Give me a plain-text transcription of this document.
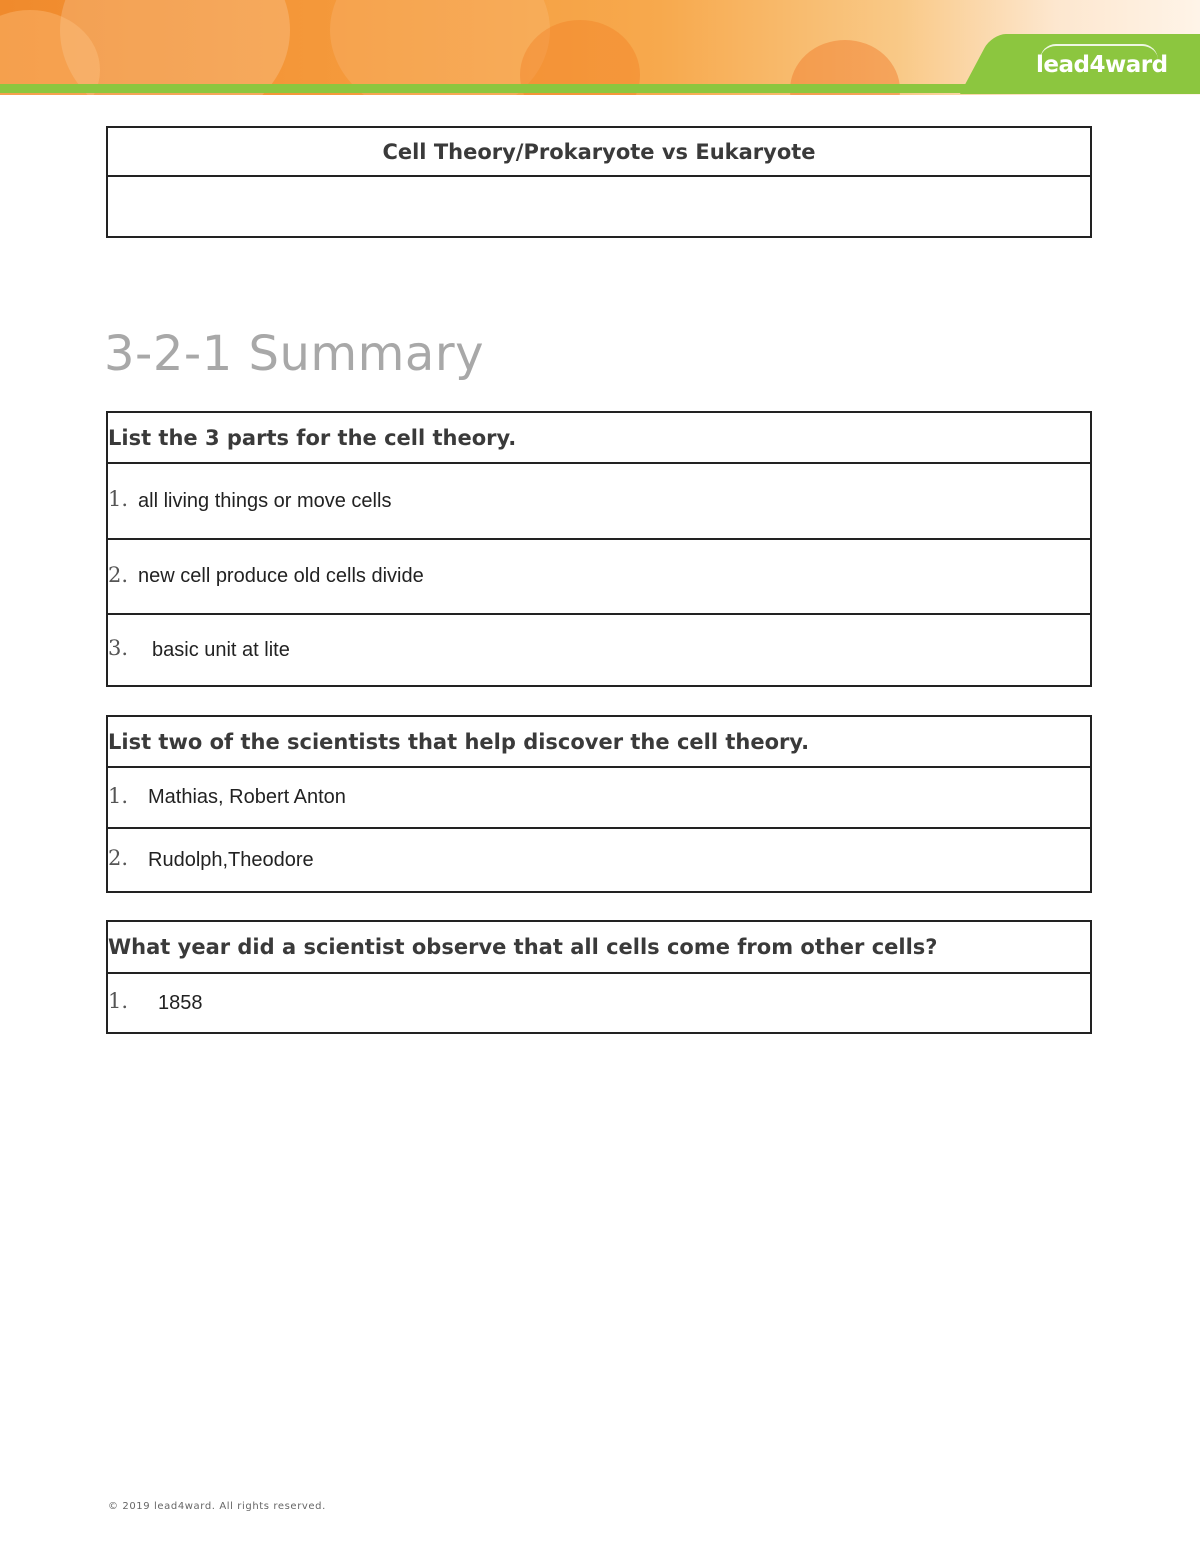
lead4ward
Cell Theory/Prokaryote vs Eukaryote
3-2-1 Summary
List the 3 parts for the cell theory.
1. all living things or move cells
2. new cell produce old cells divide
3.	basic unit at lite
List two of the scientists that help discover the cell theory.
1. Mathias, Robert Anton
2. Rudolph,Theodore
What year did a scientist observe that all cells come from other cells?
1.	1858
© 2019 lead4ward. All rights reserved.
